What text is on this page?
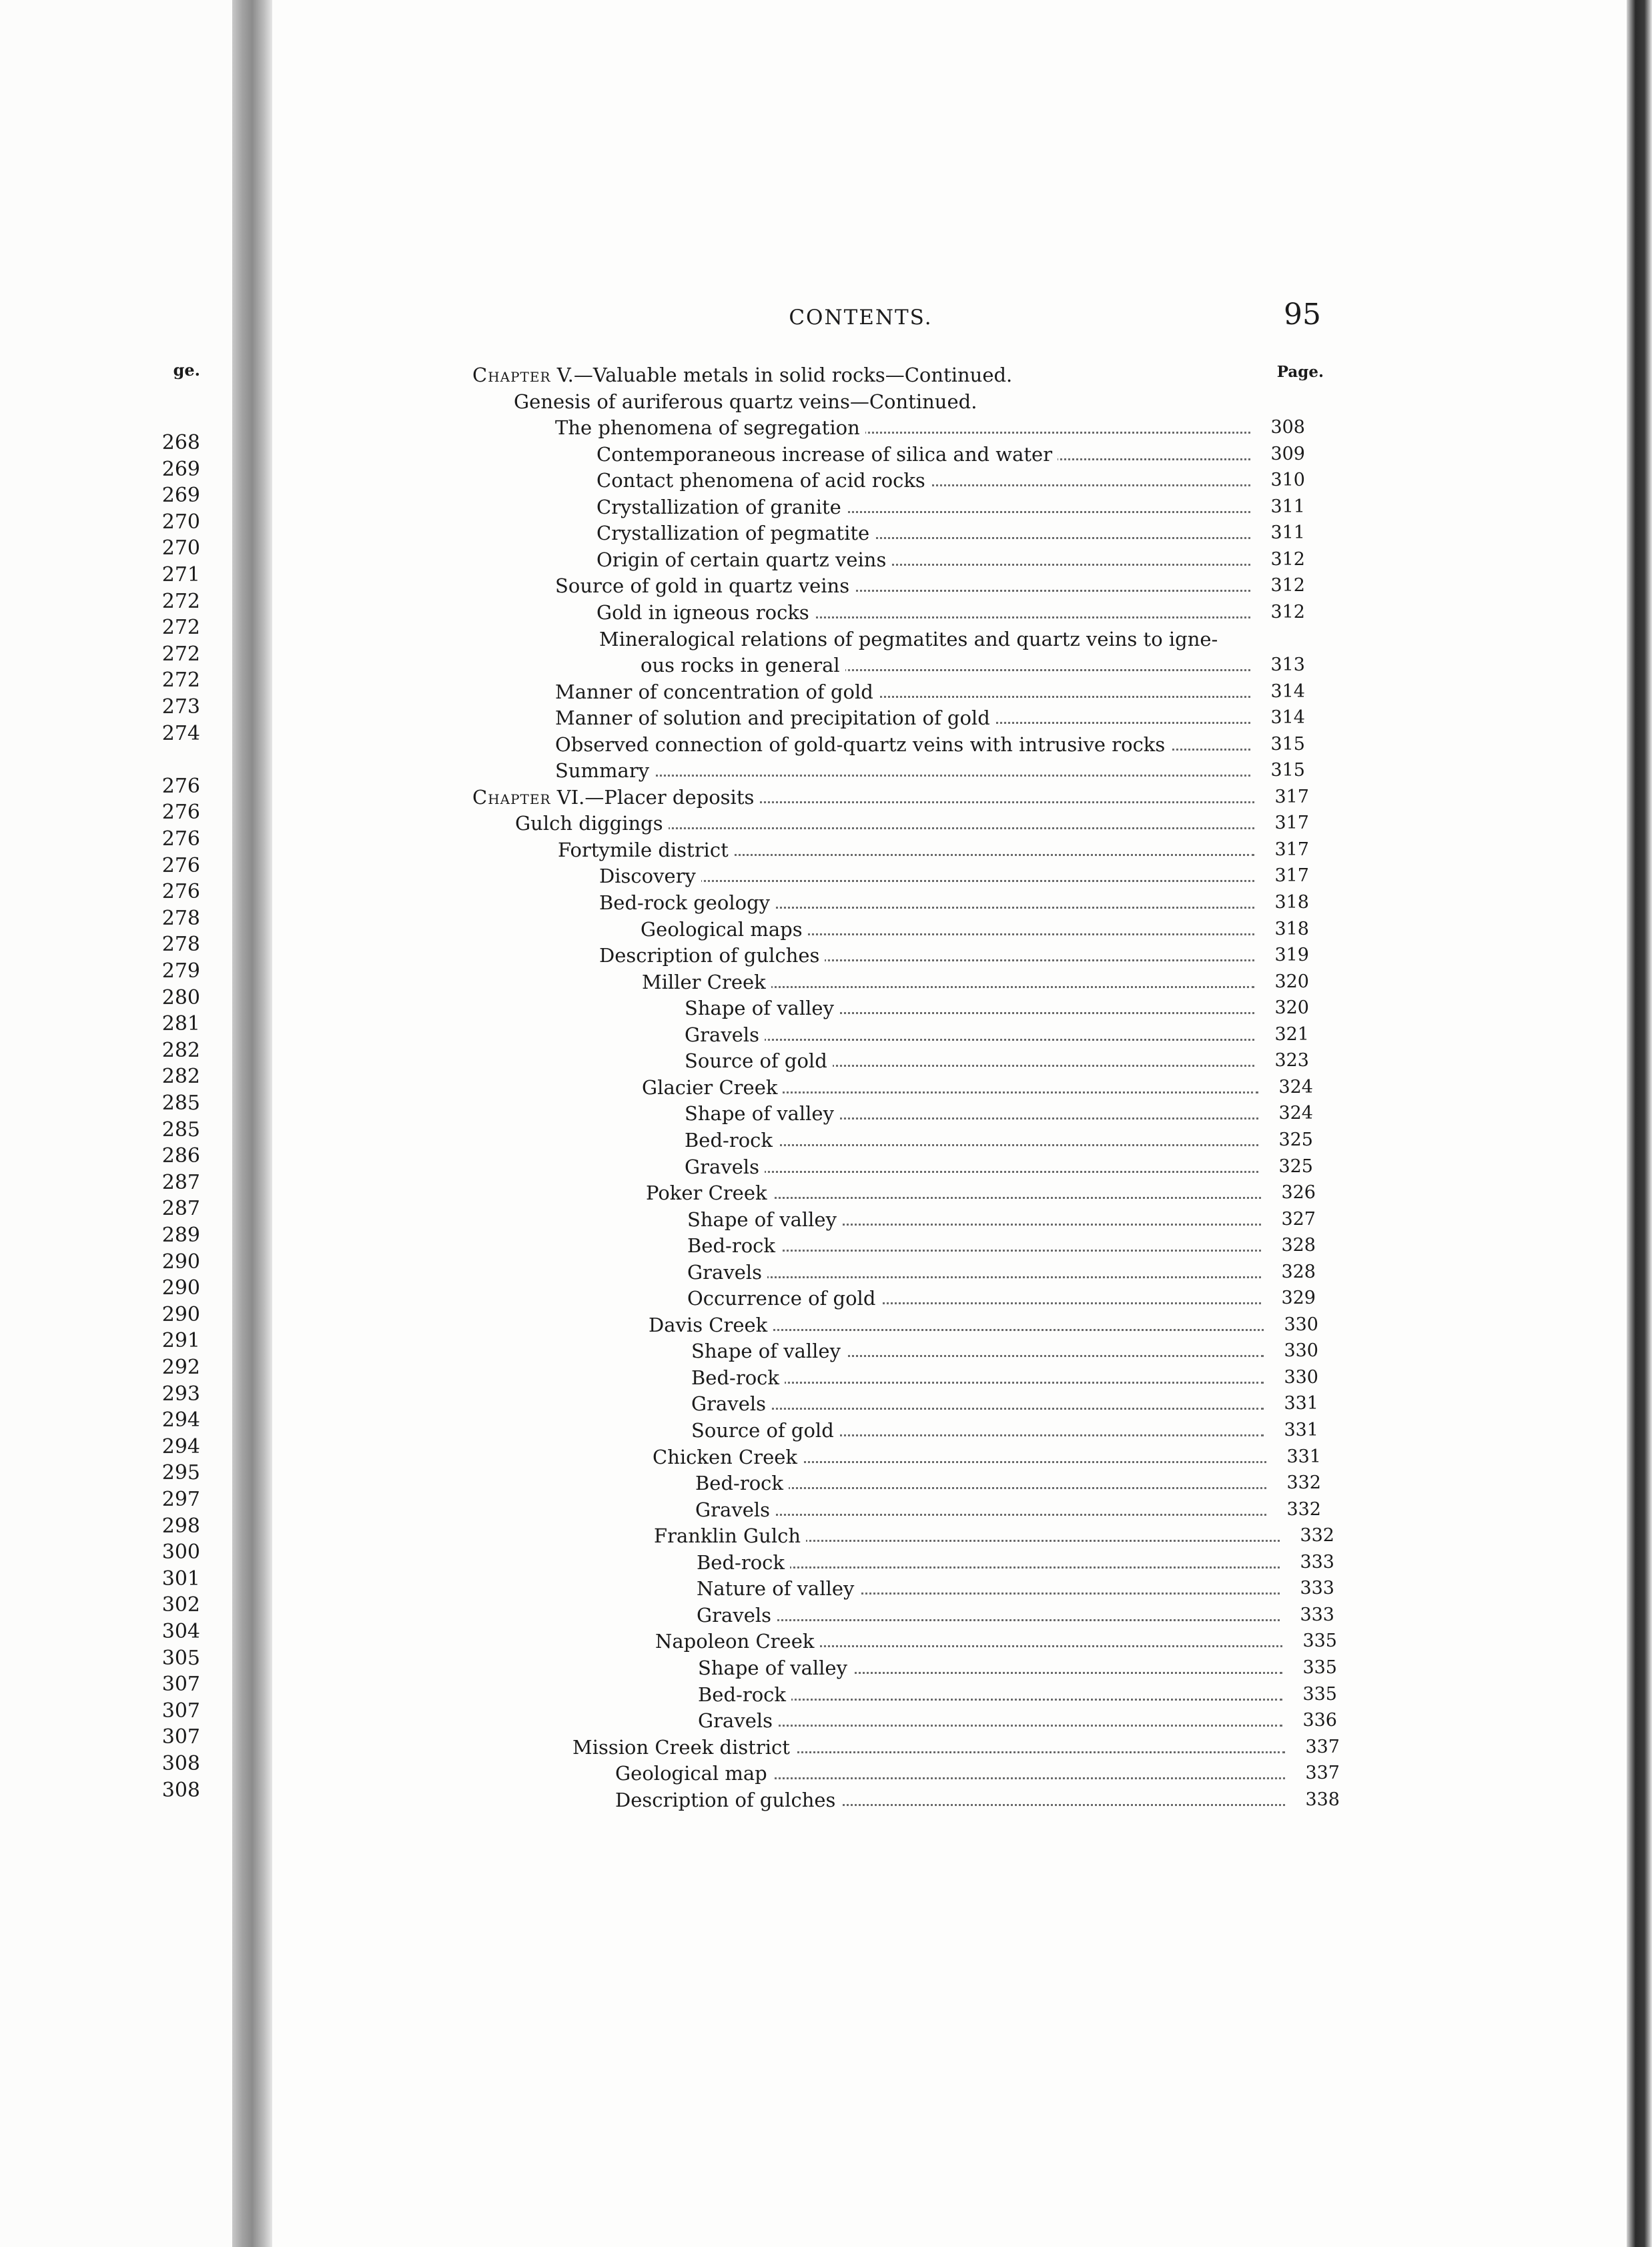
ge.
268
269
269
270
270
271
272
272
272
272
273
274
276
276
276
276
276
278
278
279
280
281
282
282
285
285
286
287
287
289
290
290
290
291
292
293
294
294
295
297
298
300
301
302
304
305
307
307
307
308
308
CONTENTS.	95
Page.
Chapter V.—Valuable metals in solid rocks—Continued.
Genesis of auriferous quartz veins—Continued.
The phenomena of segregation	308
Contemporaneous increase of silica and water	309
Contact phenomena of acid rocks	310
Crystallization of granite	311
Crystallization of pegmatite	311
Origin of certain quartz veins	312
Source of gold in quartz veins	312
Gold in igneous rocks	312
Mineralogical relations of pegmatites and quartz veins to igne-
ous rocks in general	313
Manner of concentration of gold	314
Manner of solution and precipitation of gold	314
Observed connection of gold-quartz veins with intrusive rocks	315
Summary	315
Chapter VI.—Placer deposits	317
Gulch diggings	317
Fortymile district	317
Discovery	317
Bed-rock geology	318
Geological maps	318
Description of gulches	319
Miller Creek	320
Shape of valley	320
Gravels	321
Source of gold	323
Glacier Creek	324
Shape of valley	324
Bed-rock	325
Gravels	325
Poker Creek	326
Shape of valley	327
Bed-rock	328
Gravels	328
Occurrence of gold	329
Davis Creek	330
Shape of valley	330
Bed-rock	330
Gravels	331
Source of gold	331
Chicken Creek	331
Bed-rock	332
Gravels	332
Franklin Gulch	332
Bed-rock	333
Nature of valley	333
Gravels	333
Napoleon Creek	335
Shape of valley	335
Bed-rock	335
Gravels	336
Mission Creek district	337
Geological map	337
Description of gulches	338
